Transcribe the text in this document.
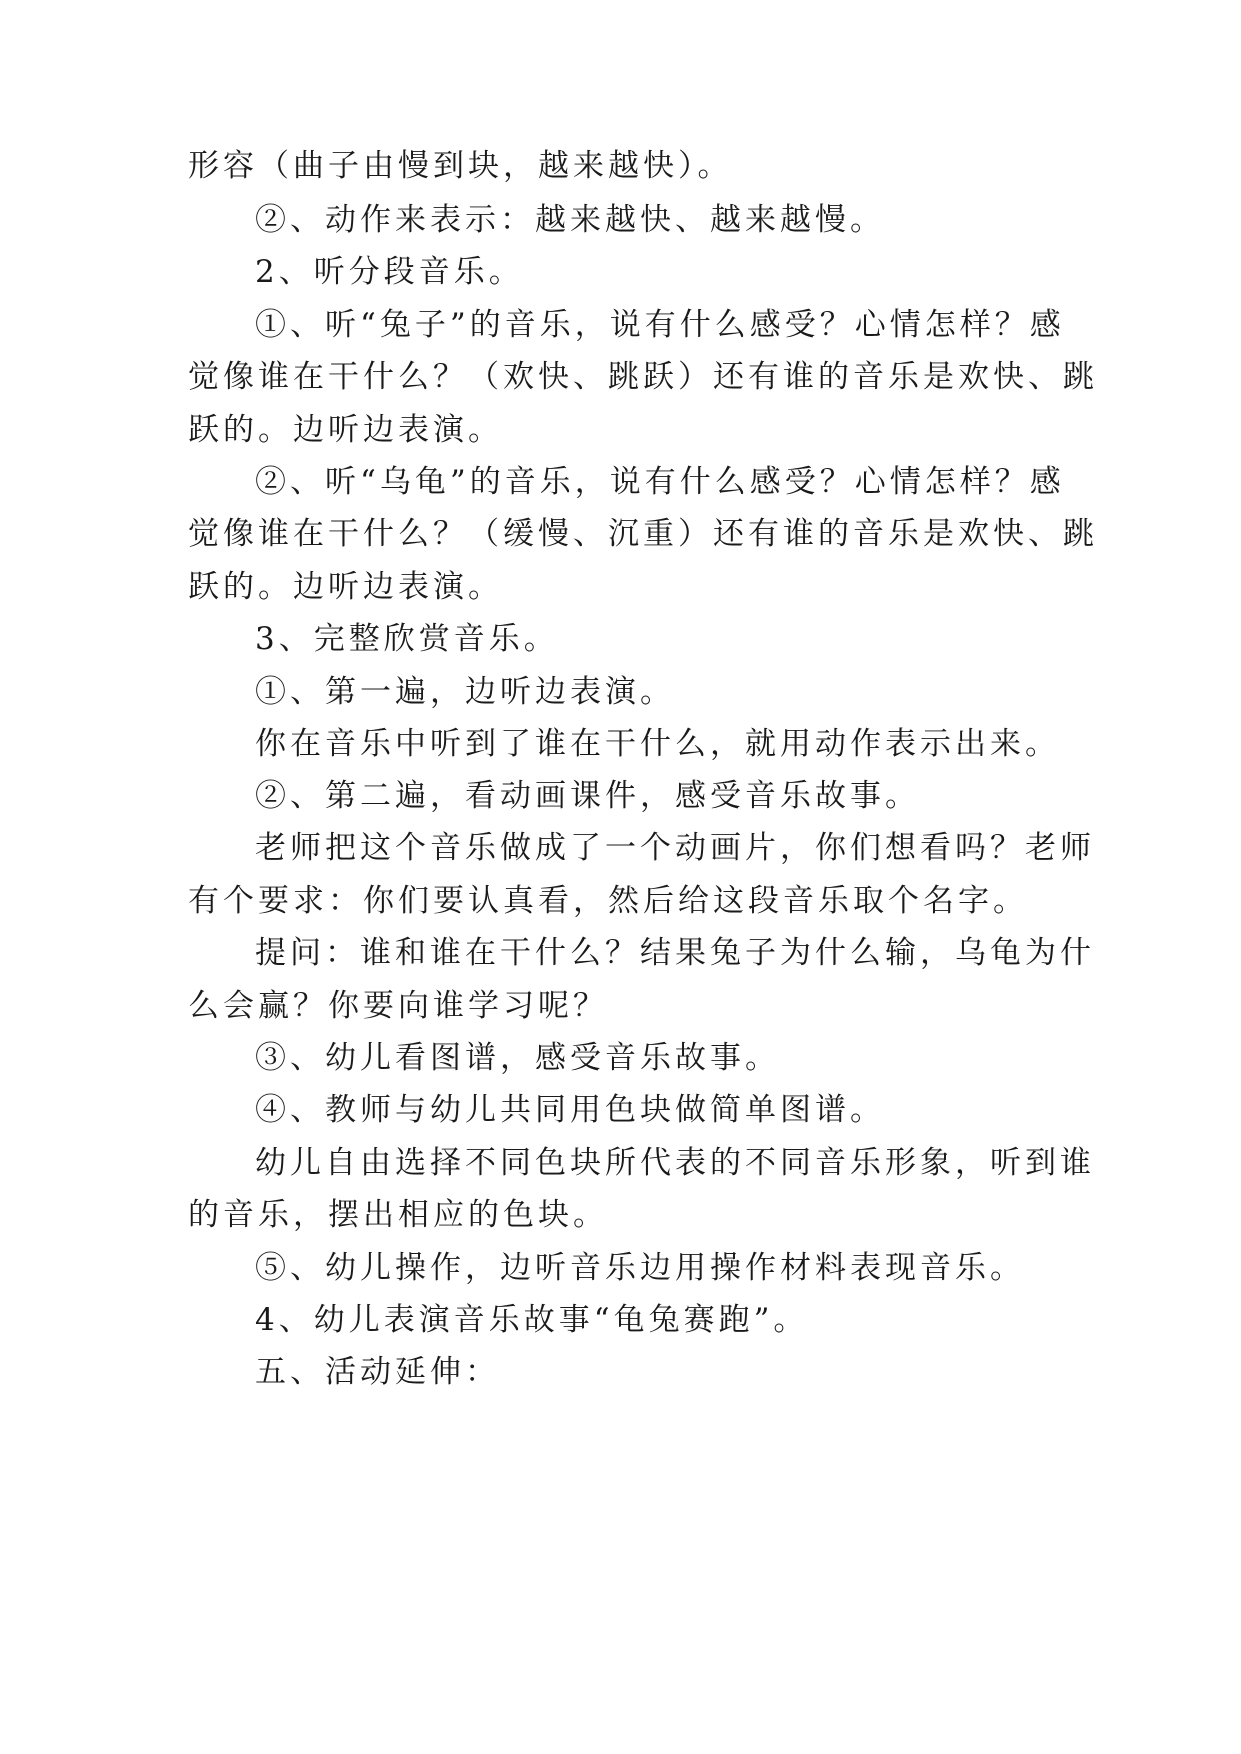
形容（曲子由慢到块，越来越快）。
②、动作来表示：越来越快、越来越慢。
2、听分段音乐。
①、听“兔子”的音乐，说有什么感受？心情怎样？感
觉像谁在干什么？（欢快、跳跃）还有谁的音乐是欢快、跳
跃的。边听边表演。
②、听“乌龟”的音乐，说有什么感受？心情怎样？感
觉像谁在干什么？（缓慢、沉重）还有谁的音乐是欢快、跳
跃的。边听边表演。
3、完整欣赏音乐。
①、第一遍，边听边表演。
你在音乐中听到了谁在干什么，就用动作表示出来。
②、第二遍，看动画课件，感受音乐故事。
老师把这个音乐做成了一个动画片，你们想看吗？老师
有个要求：你们要认真看，然后给这段音乐取个名字。
提问：谁和谁在干什么？结果兔子为什么输，乌龟为什
么会赢？你要向谁学习呢？
③、幼儿看图谱，感受音乐故事。
④、教师与幼儿共同用色块做简单图谱。
幼儿自由选择不同色块所代表的不同音乐形象，听到谁
的音乐，摆出相应的色块。
⑤、幼儿操作，边听音乐边用操作材料表现音乐。
4、幼儿表演音乐故事“龟兔赛跑”。
五、活动延伸：
